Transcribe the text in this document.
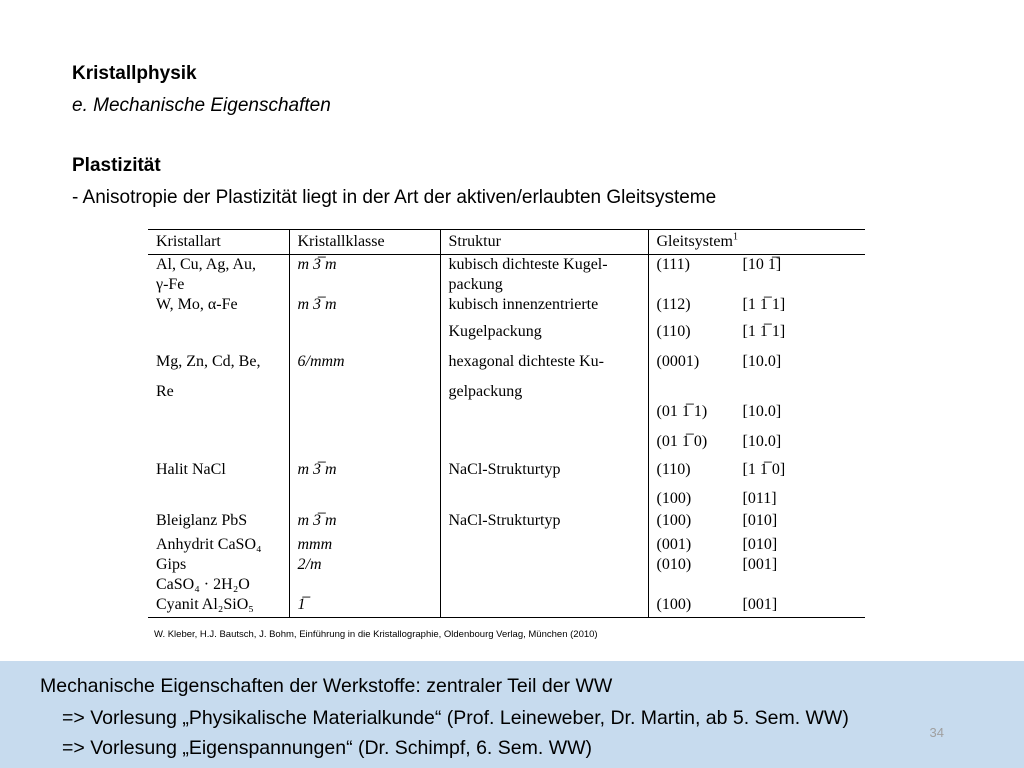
Kristallphysik
e. Mechanische Eigenschaften
Plastizität
- Anisotropie der Plastizität liegt in der Art der aktiven/erlaubten Gleitsysteme
Kristallart	Kristallklasse	Struktur	Gleitsystem$^1$
Al, Cu, Ag, Au,	m 3̅ m	kubisch dichteste Kugel-	(111) [10 1̅]
γ-Fe		packung	
W, Mo, α-Fe	m 3̅ m	kubisch innenzentrierte	(112) [1 1̅ 1]
		Kugelpackung	(110) [1 1̅ 1]
Mg, Zn, Cd, Be,	6/mmm	hexagonal dichteste Ku-	(0001) [10.0]
Re		gelpackung	
			(01 1̅ 1) [10.0]
			(01 1̅ 0) [10.0]
Halit NaCl	m 3̅ m	NaCl-Strukturtyp	(110) [1 1̅ 0]
			(100) [011]
Bleiglanz PbS	m 3̅ m	NaCl-Strukturtyp	(100) [010]
Anhydrit CaSO₄	mmm		(001) [010]
Gips	2/m		(010) [001]
CaSO₄ · 2H₂O			
Cyanit Al₂SiO₅	1̅		(100) [001]
W. Kleber, H.J. Bautsch, J. Bohm, Einführung in die Kristallographie, Oldenbourg Verlag, München (2010)
Mechanische Eigenschaften der Werkstoffe: zentraler Teil der WW
=> Vorlesung „Physikalische Materialkunde“ (Prof. Leineweber, Dr. Martin, ab 5. Sem. WW)
=> Vorlesung „Eigenspannungen“ (Dr. Schimpf, 6. Sem. WW)
34
